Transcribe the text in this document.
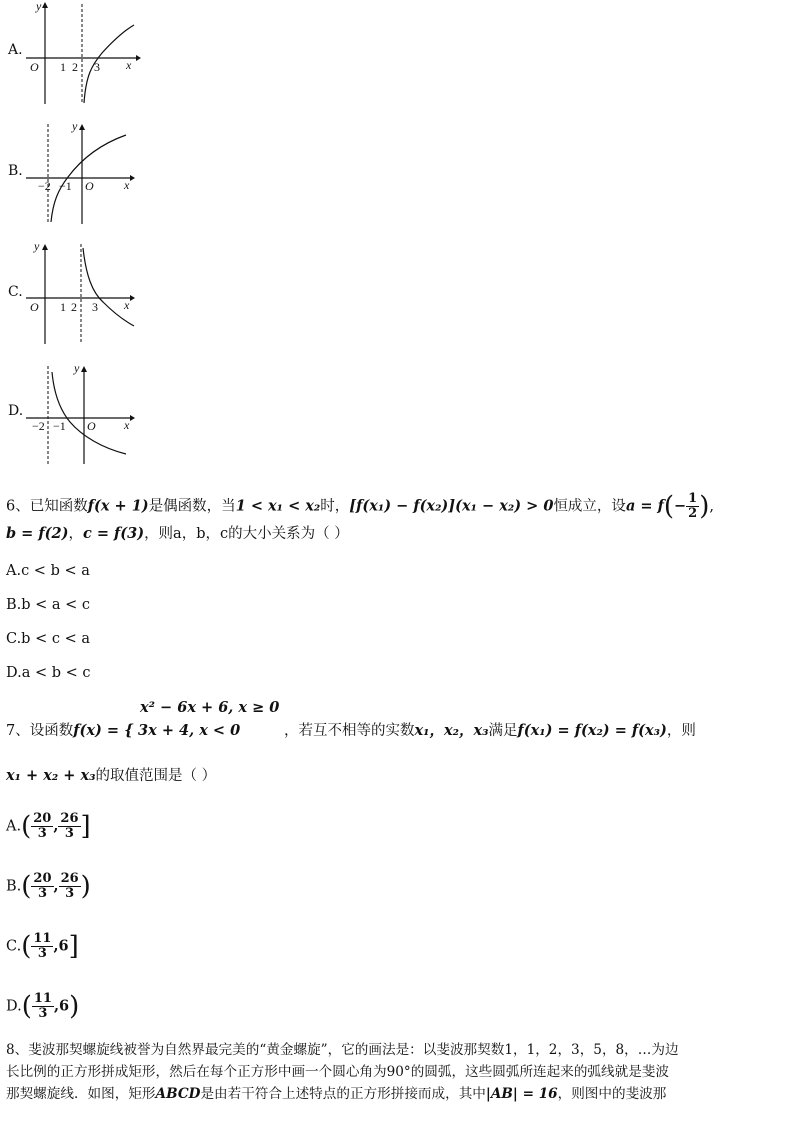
A.
O 1 2 3 x
y
B.
−2 −1 O	x
y
C.
O 1 2 3 x
y
D.
−2 −1 O x
y
6、已知函数f(x + 1)是偶函数，当1 < x₁ < x₂时，[f(x₁) − f(x₂)](x₁ − x₂) > 0恒成立，设$a = f(- \frac{1}{2}$ ),
b = f(2)，c = f(3)，则a，b，c的大小关系为（ ）
A.c < b < a
B.b < a < c
C.b < c < a
D.a < b < c
x² − 6x + 6, x ≥ 0
7、设函数f(x) = { 3x + 4, x < 0	，若互不相等的实数x₁，x₂，x₃满足f(x₁) = f(x₂) = f(x₃)，则
x₁ + x₂ + x₃的取值范围是（ ）
$A.( \frac{20}{3}$ , $\frac{26}{3}$ ]
$B.( \frac{20}{3}$ , $\frac{26}{3}$ )
$C.( \frac{11}{3} ,6]$
$D.( \frac{11}{3} ,6)$
8、斐波那契螺旋线被誉为自然界最完美的“黄金螺旋”，它的画法是：以斐波那契数1，1，2，3，5，8，…为边
长比例的正方形拼成矩形，然后在每个正方形中画一个圆心角为90°的圆弧，这些圆弧所连起来的弧线就是斐波
那契螺旋线．如图，矩形ABCD是由若干符合上述特点的正方形拼接而成，其中|AB| = 16，则图中的斐波那
